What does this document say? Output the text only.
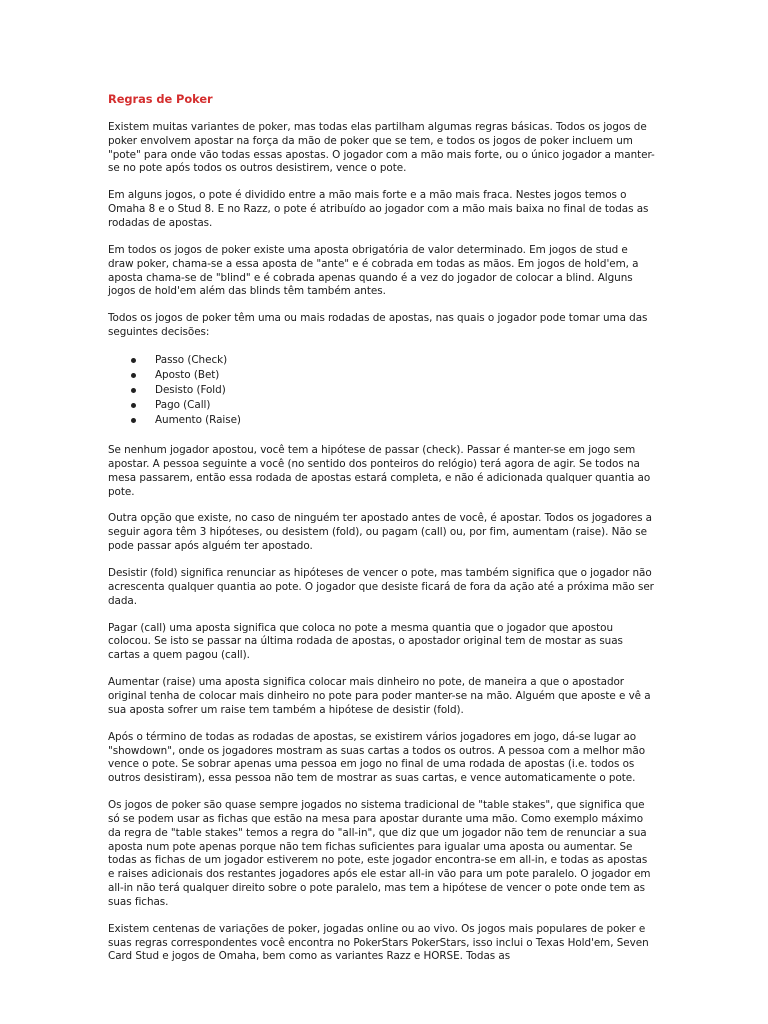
Regras de Poker

Existem muitas variantes de poker, mas todas elas partilham algumas regras básicas. Todos os jogos de poker envolvem apostar na força da mão de poker que se tem, e todos os jogos de poker incluem um "pote" para onde vão todas essas apostas. O jogador com a mão mais forte, ou o único jogador a manter-se no pote após todos os outros desistirem, vence o pote.

Em alguns jogos, o pote é dividido entre a mão mais forte e a mão mais fraca. Nestes jogos temos o Omaha 8 e o Stud 8. E no Razz, o pote é atribuído ao jogador com a mão mais baixa no final de todas as rodadas de apostas.

Em todos os jogos de poker existe uma aposta obrigatória de valor determinado. Em jogos de stud e draw poker, chama-se a essa aposta de "ante" e é cobrada em todas as mãos. Em jogos de hold'em, a aposta chama-se de "blind" e é cobrada apenas quando é a vez do jogador de colocar a blind. Alguns jogos de hold'em além das blinds têm também antes.

Todos os jogos de poker têm uma ou mais rodadas de apostas, nas quais o jogador pode tomar uma das seguintes decisões:

Passo (Check)
Aposto (Bet)
Desisto (Fold)
Pago (Call)
Aumento (Raise)

Se nenhum jogador apostou, você tem a hipótese de passar (check). Passar é manter-se em jogo sem apostar. A pessoa seguinte a você (no sentido dos ponteiros do relógio) terá agora de agir. Se todos na mesa passarem, então essa rodada de apostas estará completa, e não é adicionada qualquer quantia ao pote.

Outra opção que existe, no caso de ninguém ter apostado antes de você, é apostar. Todos os jogadores a seguir agora têm 3 hipóteses, ou desistem (fold), ou pagam (call) ou, por fim, aumentam (raise). Não se pode passar após alguém ter apostado.

Desistir (fold) significa renunciar as hipóteses de vencer o pote, mas também significa que o jogador não acrescenta qualquer quantia ao pote. O jogador que desiste ficará de fora da ação até a próxima mão ser dada.

Pagar (call) uma aposta significa que coloca no pote a mesma quantia que o jogador que apostou colocou. Se isto se passar na última rodada de apostas, o apostador original tem de mostar as suas cartas a quem pagou (call).

Aumentar (raise) uma aposta significa colocar mais dinheiro no pote, de maneira a que o apostador original tenha de colocar mais dinheiro no pote para poder manter-se na mão. Alguém que aposte e vê a sua aposta sofrer um raise tem também a hipótese de desistir (fold).

Após o término de todas as rodadas de apostas, se existirem vários jogadores em jogo, dá-se lugar ao "showdown", onde os jogadores mostram as suas cartas a todos os outros. A pessoa com a melhor mão vence o pote. Se sobrar apenas uma pessoa em jogo no final de uma rodada de apostas (i.e. todos os outros desistiram), essa pessoa não tem de mostrar as suas cartas, e vence automaticamente o pote.

Os jogos de poker são quase sempre jogados no sistema tradicional de "table stakes", que significa que só se podem usar as fichas que estão na mesa para apostar durante uma mão. Como exemplo máximo da regra de "table stakes" temos a regra do "all-in", que diz que um jogador não tem de renunciar a sua aposta num pote apenas porque não tem fichas suficientes para igualar uma aposta ou aumentar. Se todas as fichas de um jogador estiverem no pote, este jogador encontra-se em all-in, e todas as apostas e raises adicionais dos restantes jogadores após ele estar all-in vão para um pote paralelo. O jogador em all-in não terá qualquer direito sobre o pote paralelo, mas tem a hipótese de vencer o pote onde tem as suas fichas.

Existem centenas de variações de poker, jogadas online ou ao vivo. Os jogos mais populares de poker e suas regras correspondentes você encontra no PokerStars PokerStars, isso inclui o Texas Hold'em, Seven Card Stud e jogos de Omaha, bem como as variantes Razz e HORSE. Todas as
